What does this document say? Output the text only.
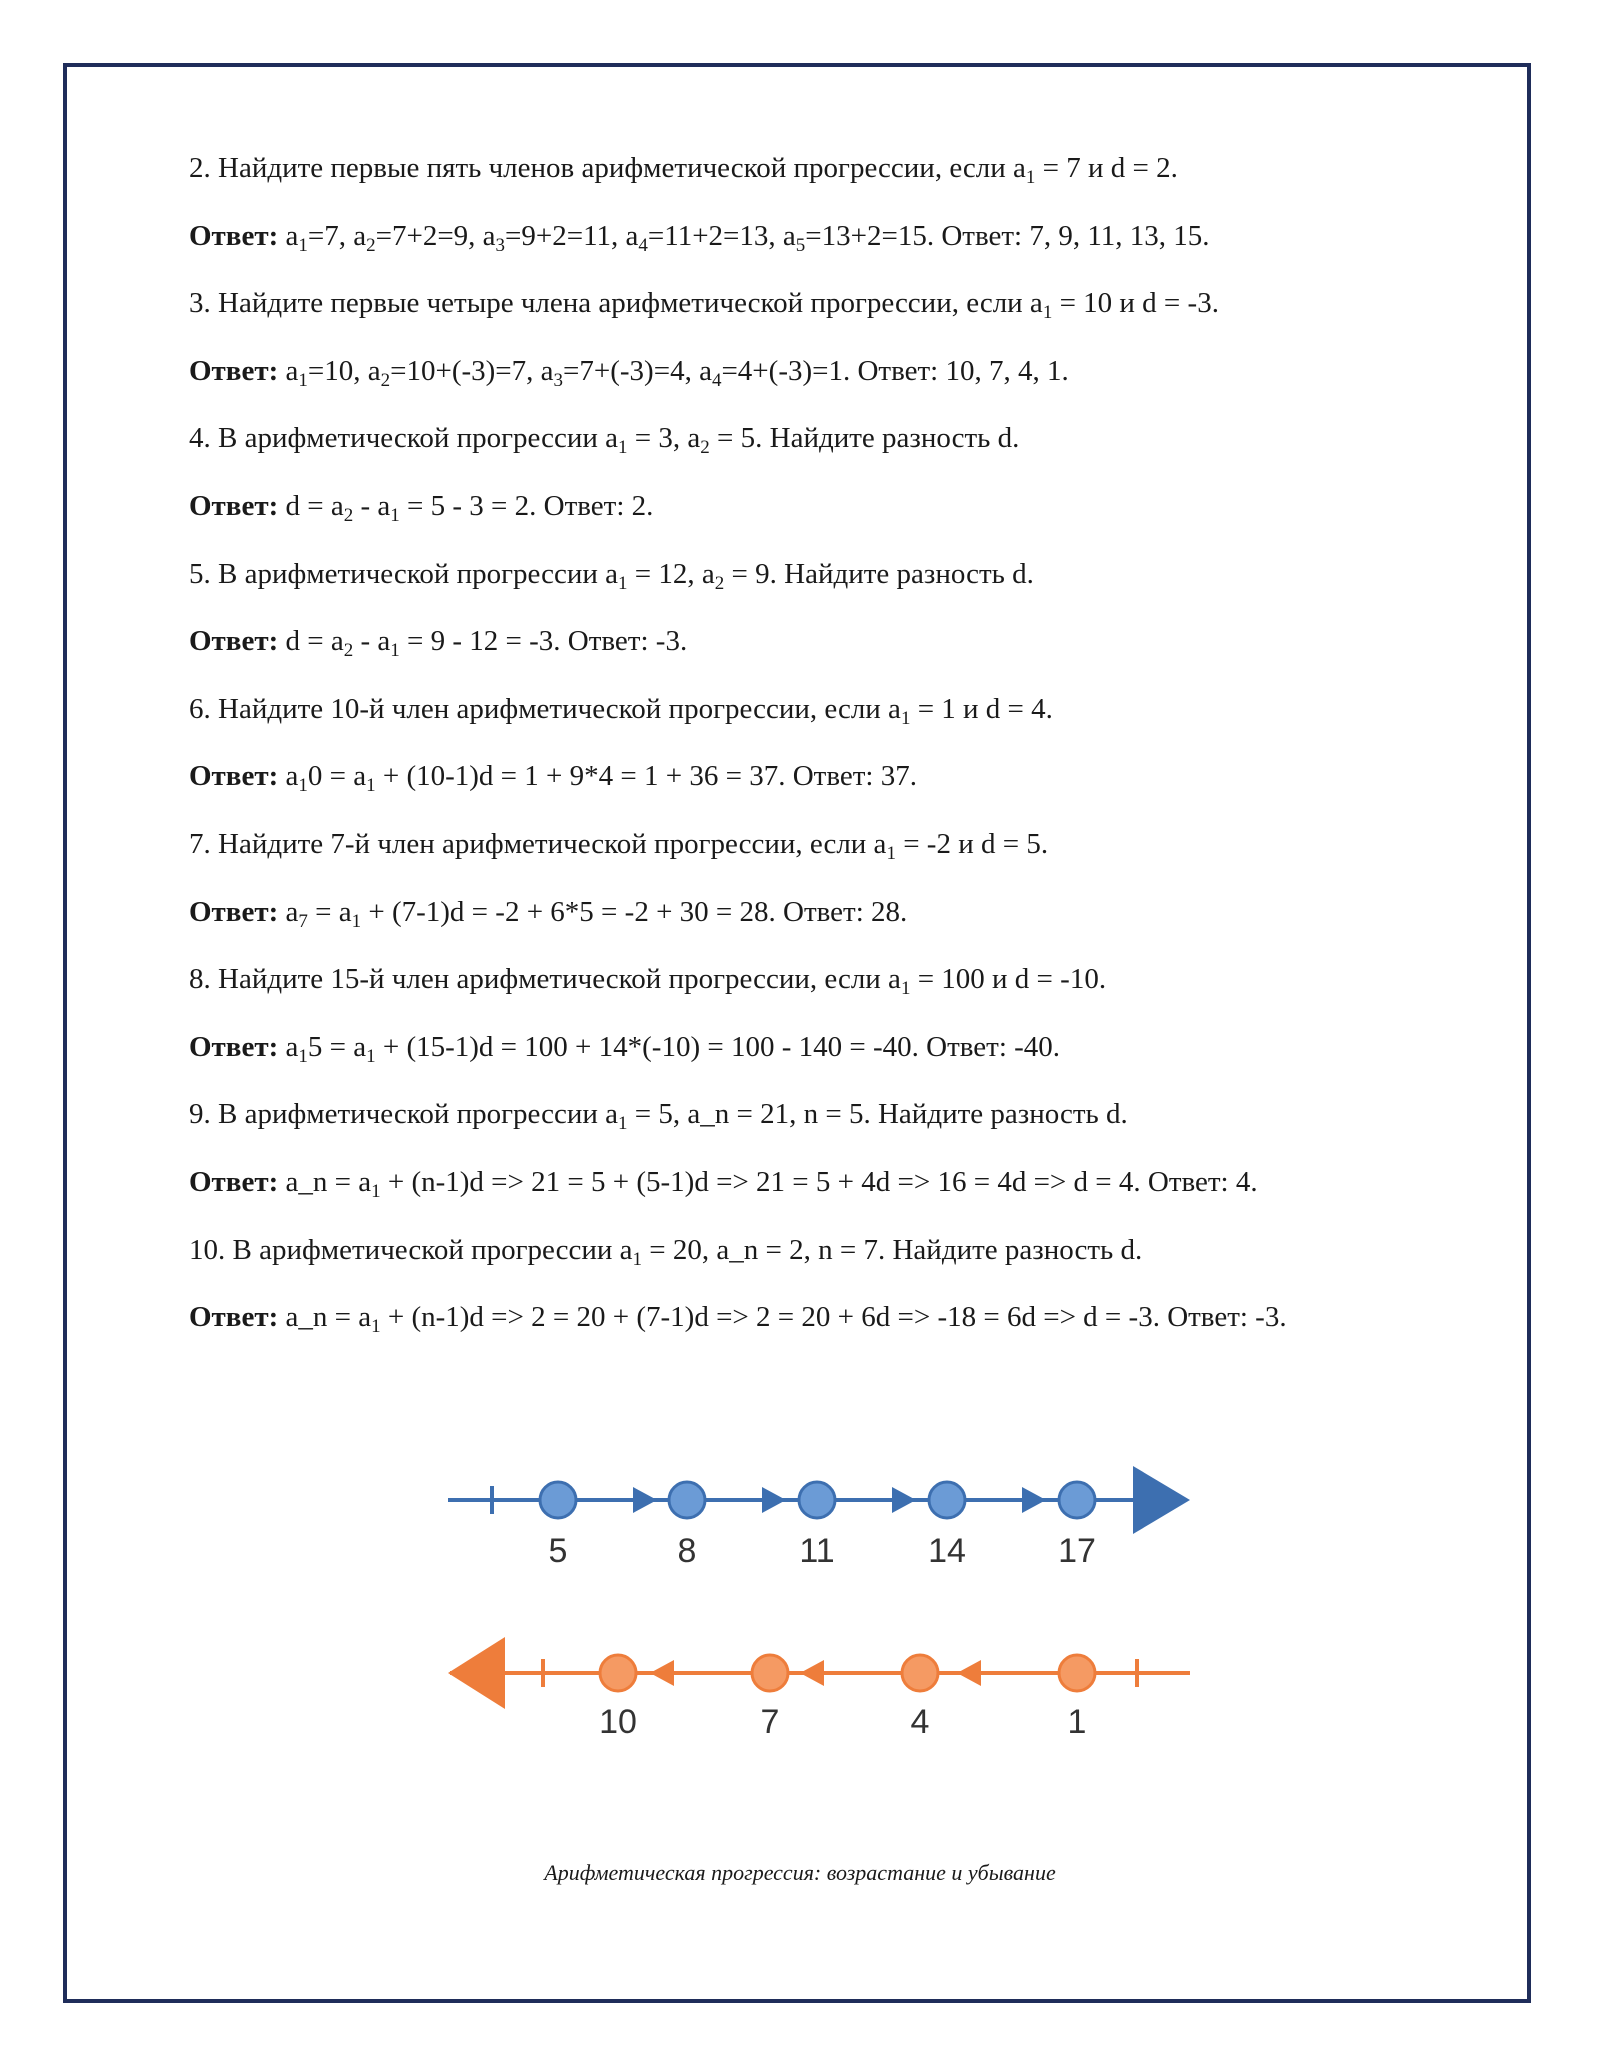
2. Найдите первые пять членов арифметической прогрессии, если $a_1 = 7$ и d = 2.
Ответ: $a_1=7$, $a_2=7+2=9$, $a_3=9+2=11$, $a_4=11+2=13$, $a_5=13+2=15$. Ответ: 7, 9, 11, 13, 15.
3. Найдите первые четыре члена арифметической прогрессии, если $a_1 = 10$ и d = -3.
Ответ: $a_1=10$, $a_2=10+(-3)=7$, $a_3=7+(-3)=4$, $a_4=4+(-3)=1$. Ответ: 10, 7, 4, 1.
4. В арифметической прогрессии $a_1 = 3$, $a_2 = 5$. Найдите разность d.
Ответ: $d = a_2 - a_1 = 5 - 3 = 2$. Ответ: 2.
5. В арифметической прогрессии $a_1 = 12$, $a_2 = 9$. Найдите разность d.
Ответ: $d = a_2 - a_1 = 9 - 12 = -3$. Ответ: -3.
6. Найдите 10-й член арифметической прогрессии, если $a_1 = 1$ и d = 4.
Ответ: $a_10 = a_1 + (10-1)d = 1 + 9*4 = 1 + 36 = 37$. Ответ: 37.
7. Найдите 7-й член арифметической прогрессии, если $a_1 = -2$ и d = 5.
Ответ: $a_7 = a_1 + (7-1)d = -2 + 6*5 = -2 + 30 = 28$. Ответ: 28.
8. Найдите 15-й член арифметической прогрессии, если $a_1 = 100$ и d = -10.
Ответ: $a_15 = a_1 + (15-1)d = 100 + 14*(-10) = 100 - 140 = -40$. Ответ: -40.
9. В арифметической прогрессии $a_1 = 5$, a_n = 21, n = 5. Найдите разность d.
Ответ: a_n = $a_1 + (n-1)d => 21 = 5 + (5-1)d => 21 = 5 + 4d => 16 = 4d => d = 4$. Ответ: 4.
10. В арифметической прогрессии $a_1 = 20$, a_n = 2, n = 7. Найдите разность d.
Ответ: a_n = $a_1 + (n-1)d => 2 = 20 + (7-1)d => 2 = 20 + 6d => -18 = 6d => d = -3$. Ответ: -3.
5	8	11	14	17
10	7	4	1
Арифметическая прогрессия: возрастание и убывание
